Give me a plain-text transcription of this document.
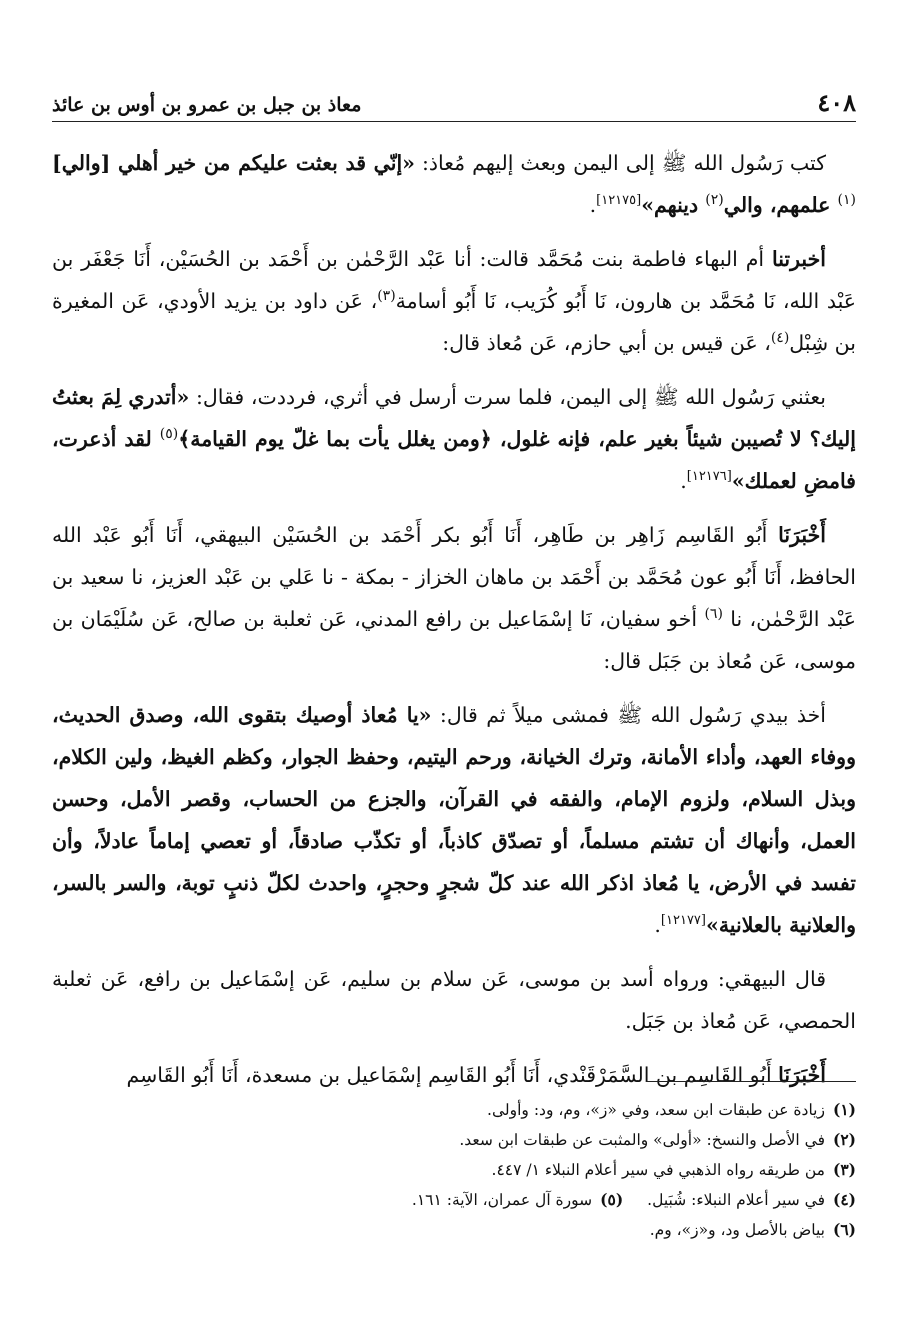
٤٠٨
معاذ بن جبل بن عمرو بن أوس بن عائذ

كتب رَسُول الله ﷺ إلى اليمن وبعث إليهم مُعاذ: «إنّي قد بعثت عليكم من خير أهلي [والي]$^{(١)}$ علمهم، والي$^{(٢)}$ دينهم»[١٢١٧٥].

أخبرتنا أم البهاء فاطمة بنت مُحَمَّد قالت: أنا عَبْد الرَّحْمٰن بن أَحْمَد بن الحُسَيْن، أَنَا جَعْفَر بن عَبْد الله، نَا مُحَمَّد بن هارون، نَا أَبُو كُرَيب، نَا أَبُو أسامة$^{(٣)}$، عَن داود بن يزيد الأودي، عَن المغيرة بن شِبْل$^{(٤)}$، عَن قيس بن أبي حازم، عَن مُعاذ قال:

بعثني رَسُول الله ﷺ إلى اليمن، فلما سرت أرسل في أثري، فرددت، فقال: «أتدري لِمَ بعثتُ إليك؟ لا تُصيبن شيئاً بغير علم، فإنه غلول، ﴿ومن يغلل يأت بما غلّ يوم القيامة﴾$^{(٥)}$ لقد أذعرت، فامضِ لعملك»[١٢١٧٦].

أَخْبَرَنَا أَبُو القَاسِم زَاهِر بن طَاهِر، أَنَا أَبُو بكر أَحْمَد بن الحُسَيْن البيهقي، أَنَا أَبُو عَبْد الله الحافظ، أَنَا أَبُو عون مُحَمَّد بن أَحْمَد بن ماهان الخزاز - بمكة - نا عَلي بن عَبْد العزيز، نا سعيد بن عَبْد الرَّحْمٰن، نا $^{(٦)}$ أخو سفيان، نَا إسْمَاعيل بن رافع المدني، عَن ثعلبة بن صالح، عَن سُلَيْمَان بن موسى، عَن مُعاذ بن جَبَل قال:

أخذ بيدي رَسُول الله ﷺ فمشى ميلاً ثم قال: «يا مُعاذ أوصيك بتقوى الله، وصدق الحديث، ووفاء العهد، وأداء الأمانة، وترك الخيانة، ورحم اليتيم، وحفظ الجوار، وكظم الغيظ، ولين الكلام، وبذل السلام، ولزوم الإمام، والفقه في القرآن، والجزع من الحساب، وقصر الأمل، وحسن العمل، وأنهاك أن تشتم مسلماً، أو تصدّق كاذباً، أو تكذّب صادقاً، أو تعصي إماماً عادلاً، وأن تفسد في الأرض، يا مُعاذ اذكر الله عند كلّ شجرٍ وحجرٍ، واحدث لكلّ ذنبٍ توبة، والسر بالسر، والعلانية بالعلانية»[١٢١٧٧].

قال البيهقي: ورواه أسد بن موسى، عَن سلام بن سليم، عَن إسْمَاعيل بن رافع، عَن ثعلبة الحمصي، عَن مُعاذ بن جَبَل.

أَخْبَرَنَا أَبُو القَاسِم بن السَّمَرْقَنْدي، أَنَا أَبُو القَاسِم إسْمَاعيل بن مسعدة، أَنَا أَبُو القَاسِم

(١)
زيادة عن طبقات ابن سعد، وفي «ز»، وم، ود: وأولى.
(٢)
في الأصل والنسخ: «أولى» والمثبت عن طبقات ابن سعد.
(٣)
من طريقه رواه الذهبي في سير أعلام النبلاء ١/ ٤٤٧.
(٤)
في سير أعلام النبلاء: شُبَيل.
(٥)
سورة آل عمران، الآية: ١٦١.
(٦)
بياض بالأصل ود، و«ز»، وم.
